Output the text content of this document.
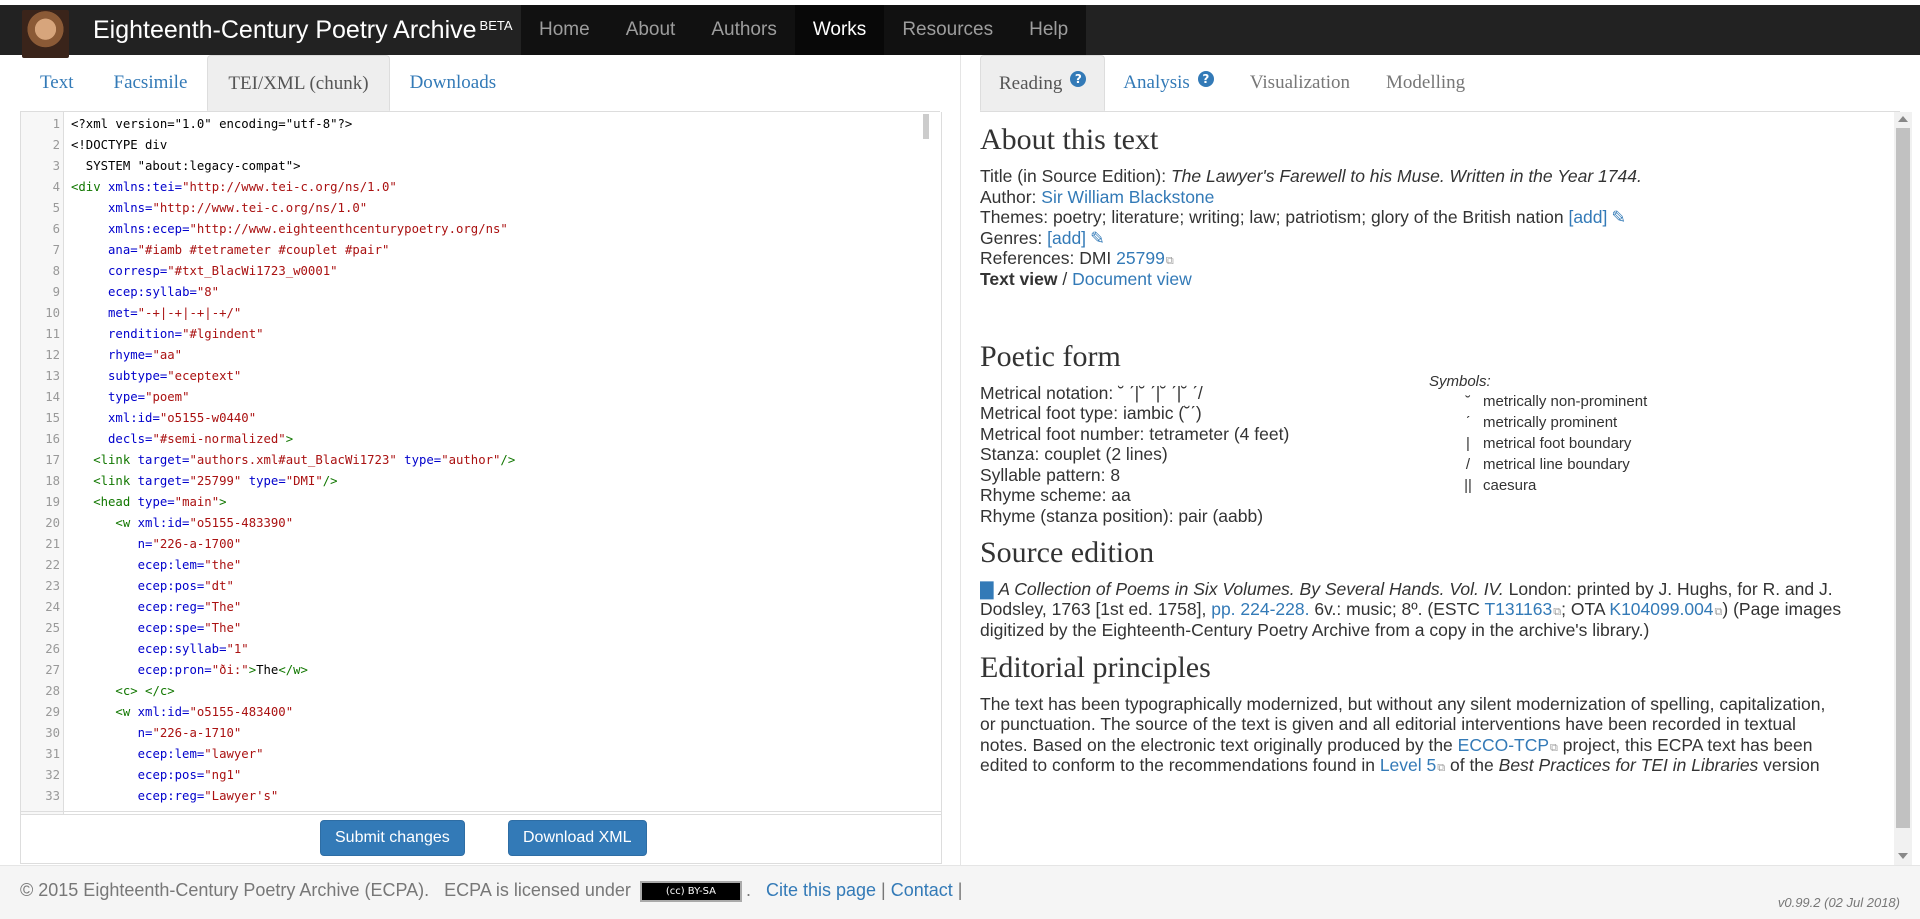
Eighteenth-Century Poetry Archive $^{BETA}$	Home	About	Authors	Works	Resources	Help
Text	Facsimile	TEI/XML (chunk)	Downloads
1 <?xml version="1.0" encoding="utf-8"?>
2 <!DOCTYPE div
3 SYSTEM "about:legacy-compat">
4 <div xmlns:tei="http://www.tei-c.org/ns/1.0"
5	xmlns="http://www.tei-c.org/ns/1.0"
6	xmlns:ecep="http://www.eighteenthcenturypoetry.org/ns"
7	ana="#iamb #tetrameter #couplet #pair"
8	corresp="#txt_BlacWi1723_w0001"
9	ecep:syllab="8"
10	met="-+|-+|-+|-+/"
11	rendition="#lgindent"
12	rhyme="aa"
13	subtype="eceptext"
14	type="poem"
15	xml:id="o5155-w0440"
16	decls="#semi-normalized">
17	<link target="authors.xml#aut_BlacWi1723" type="author"/>
18	<link target="25799" type="DMI"/>
19	<head type="main">
20	<w xml:id="o5155-483390"
21	n="226-a-1700"
22	ecep:lem="the"
23	ecep:pos="dt"
24	ecep:reg="The"
25	ecep:spe="The"
26	ecep:syllab="1"
27	ecep:pron="ði:">The</w>
28	<c> </c>
29	<w xml:id="o5155-483400"
30	n="226-a-1710"
31	ecep:lem="lawyer"
32	ecep:pos="ng1"
33	ecep:reg="Lawyer's"
Submit changes	Download XML
Reading	? Analysis	?	Visualization	Modelling
About this text
Title (in Source Edition): The Lawyer's Farewell to his Muse. Written in the Year 1744.
Author: Sir William Blackstone
Themes: poetry; literature; writing; law; patriotism; glory of the British nation [add] ✎
Genres: [add] ✎
References: DMI 25799⧉
Text view / Document view
Poetic form
Metrical notation: ˘ ˊ|˘ ˊ|˘ ˊ|˘ ˊ/
Metrical foot type: iambic (˘ˊ)
Metrical foot number: tetrameter (4 feet)
Stanza: couplet (2 lines)
Syllable pattern: 8
Rhyme scheme: aa
Rhyme (stanza position): pair (aabb)
Symbols:
˘ metrically non-prominent
ˊ metrically prominent
| metrical foot boundary
/ metrical line boundary
|| caesura
Source edition
▇ A Collection of Poems in Six Volumes. By Several Hands. Vol. IV. London: printed by J. Hughs, for R. and J.
Dodsley, 1763 [1st ed. 1758], pp. 224-228. 6v.: music; 8º. (ESTC T131163⧉; OTA K104099.004⧉) (Page images
digitized by the Eighteenth-Century Poetry Archive from a copy in the archive's library.)
Editorial principles
The text has been typographically modernized, but without any silent modernization of spelling, capitalization,
or punctuation. The source of the text is given and all editorial interventions have been recorded in textual
notes. Based on the electronic text originally produced by the ECCO-TCP⧉ project, this ECPA text has been
edited to conform to the recommendations found in Level 5⧉ of the Best Practices for TEI in Libraries version
© 2015 Eighteenth-Century Poetry Archive (ECPA). ECPA is licensed under	(cc) BY-SA .   Cite this page | Contact |
v0.99.2 (02 Jul 2018)
